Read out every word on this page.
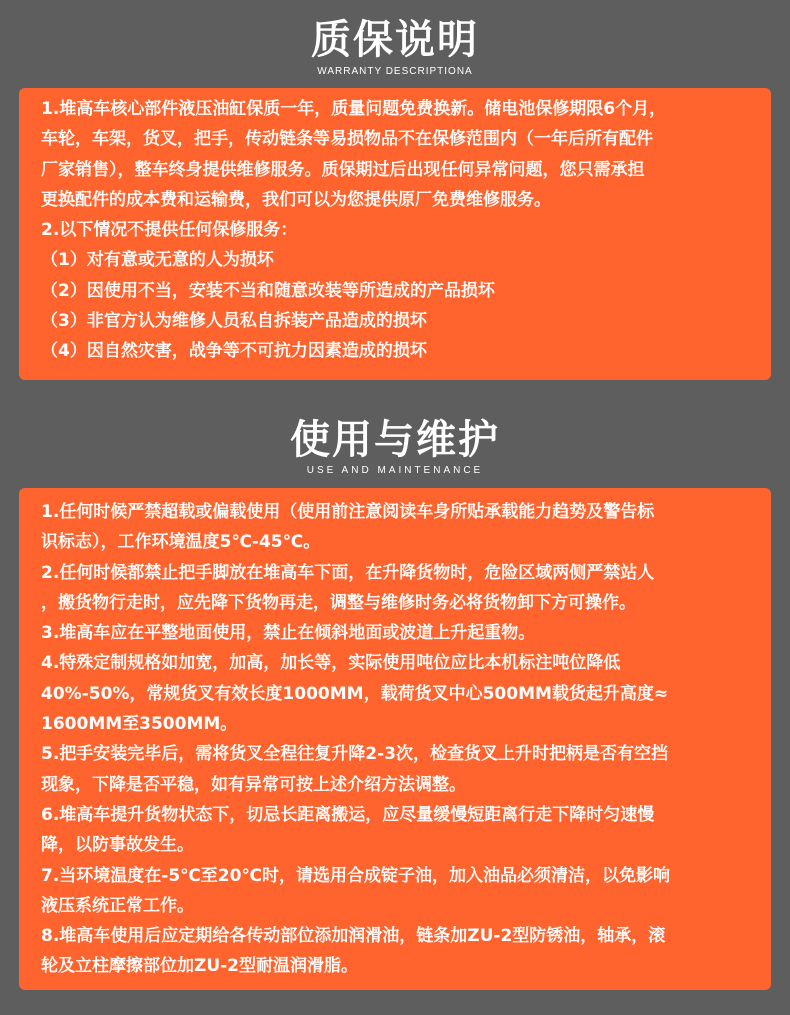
质保说明
WARRANTY DESCRIPTIONA
1.堆高车核心部件液压油缸保质一年，质量问题免费换新。储电池保修期限6个月，
车轮，车架，货叉，把手，传动链条等易损物品不在保修范围内（一年后所有配件
厂家销售），整车终身提供维修服务。质保期过后出现任何异常问题，您只需承担
更换配件的成本费和运输费，我们可以为您提供原厂免费维修服务。
2.以下情况不提供任何保修服务：
（1）对有意或无意的人为损坏
（2）因使用不当，安装不当和随意改装等所造成的产品损坏
（3）非官方认为维修人员私自拆装产品造成的损坏
（4）因自然灾害，战争等不可抗力因素造成的损坏
使用与维护
USE AND MAINTENANCE
1.任何时候严禁超载或偏载使用（使用前注意阅读车身所贴承载能力趋势及警告标
识标志），工作环境温度5℃-45℃。
2.任何时候都禁止把手脚放在堆高车下面，在升降货物时，危险区域两侧严禁站人
，搬货物行走时，应先降下货物再走，调整与维修时务必将货物卸下方可操作。
3.堆高车应在平整地面使用，禁止在倾斜地面或波道上升起重物。
4.特殊定制规格如加宽，加高，加长等，实际使用吨位应比本机标注吨位降低
40%-50%，常规货叉有效长度1000MM，载荷货叉中心500MM载货起升高度≈
1600MM至3500MM。
5.把手安装完毕后，需将货叉全程往复升降2-3次，检查货叉上升时把柄是否有空挡
现象，下降是否平稳，如有异常可按上述介绍方法调整。
6.堆高车提升货物状态下，切忌长距离搬运，应尽量缓慢短距离行走下降时匀速慢
降，以防事故发生。
7.当环境温度在-5℃至20℃时，请选用合成锭子油，加入油品必须清洁，以免影响
液压系统正常工作。
8.堆高车使用后应定期给各传动部位添加润滑油，链条加ZU-2型防锈油，轴承，滚
轮及立柱摩擦部位加ZU-2型耐温润滑脂。
